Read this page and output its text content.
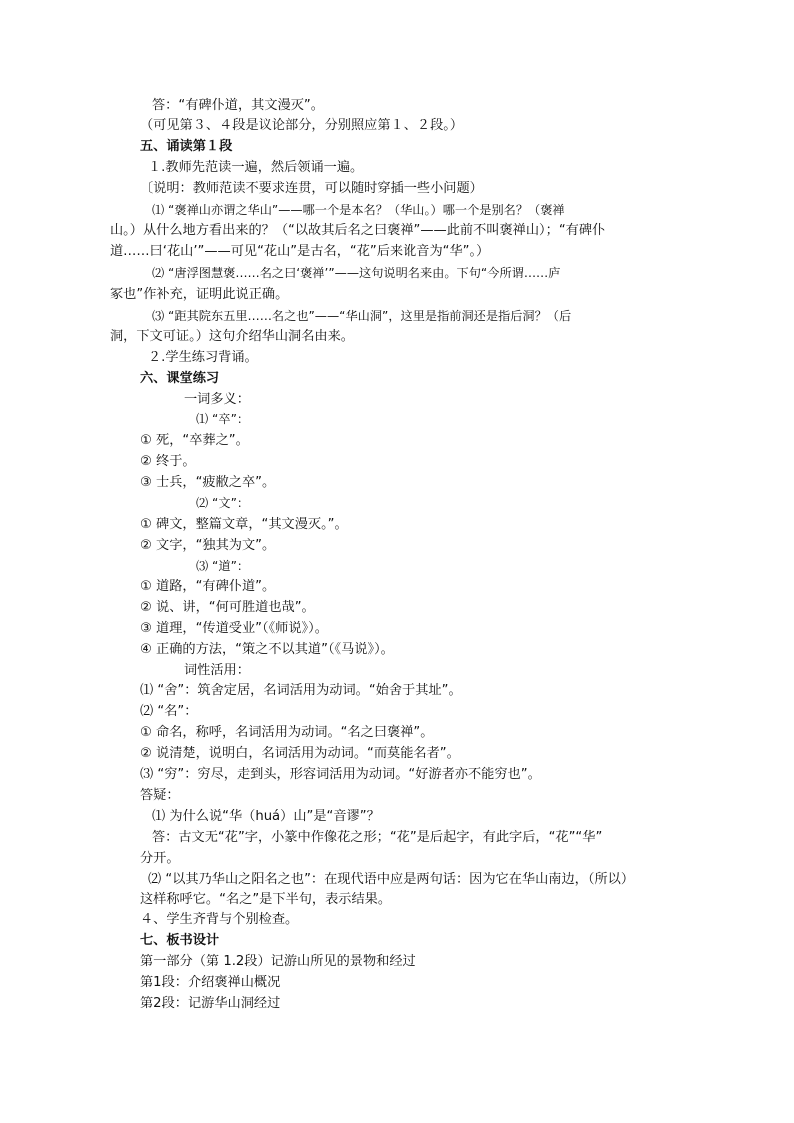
答：“有碑仆道，其文漫灭”。
（可见第３、４段是议论部分，分别照应第１、２段。）
五、诵读第１段
１.教师先范读一遍，然后领诵一遍。
〔说明：教师范读不要求连贯，可以随时穿插一些小问题）
⑴ “褒禅山亦谓之华山”——哪一个是本名？（华山。）哪一个是别名？（褒禅
山。）从什么地方看出来的？（“以故其后名之曰褒禅”——此前不叫褒禅山）；“有碑仆
道……曰‘花山’”——可见“花山”是古名，“花”后来讹音为“华”。）
⑵ “唐浮图慧褒……名之曰‘褒禅’”——这句说明名来由。下句“今所谓……庐
冢也”作补充，证明此说正确。
⑶ “距其院东五里……名之也”——“华山洞”，这里是指前洞还是指后洞？（后
洞，下文可证。）这句介绍华山洞名由来。
２.学生练习背诵。
六、课堂练习
一词多义：
⑴ “卒”：
① 死，“卒葬之”。
② 终于。
③ 士兵，“疲敝之卒”。
⑵ “文”：
① 碑文，整篇文章，“其文漫灭。”。
② 文字，“独其为文”。
⑶ “道”：
① 道路，“有碑仆道”。
② 说、讲，“何可胜道也哉”。
③ 道理，“传道受业”（《师说》）。
④ 正确的方法，“策之不以其道”（《马说》）。
词性活用：
⑴ “舍”：筑舍定居，名词活用为动词。“始舍于其址”。
⑵ “名”：
① 命名，称呼，名词活用为动词。“名之曰褒禅”。
② 说清楚，说明白，名词活用为动词。“而莫能名者”。
⑶ “穷”：穷尽，走到头，形容词活用为动词。“好游者亦不能穷也”。
答疑：
⑴ 为什么说“华（huá）山”是“音谬”？
答：古文无“花”字，小篆中作像花之形；“花”是后起字，有此字后，“花”“华”
分开。
⑵ “以其乃华山之阳名之也”：在现代语中应是两句话：因为它在华山南边，（所以）
这样称呼它。“名之”是下半句，表示结果。
４、学生齐背与个别检查。
七、板书设计
第一部分（第 1.2段）记游山所见的景物和经过
第1段：介绍褒禅山概况
第2段：记游华山洞经过
